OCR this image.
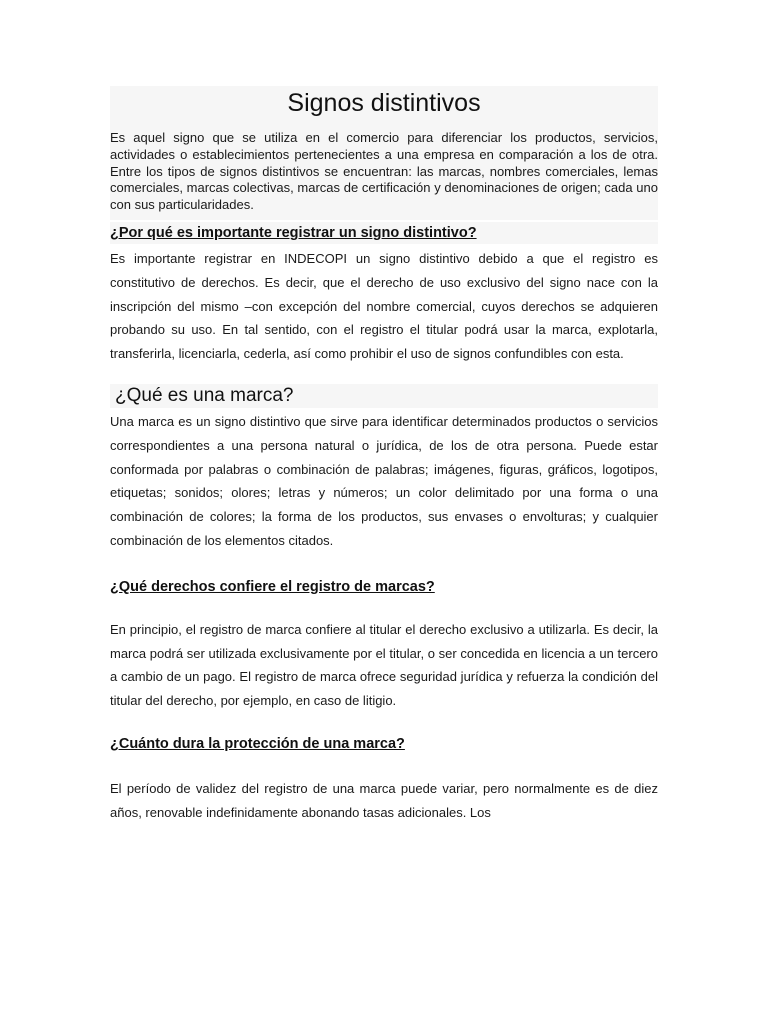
Signos distintivos

Es aquel signo que se utiliza en el comercio para diferenciar los productos, servicios, actividades o establecimientos pertenecientes a una empresa en comparación a los de otra. Entre los tipos de signos distintivos se encuentran: las marcas, nombres comerciales, lemas comerciales, marcas colectivas, marcas de certificación y denominaciones de origen; cada uno con sus particularidades.

¿Por qué es importante registrar un signo distintivo?

Es importante registrar en INDECOPI un signo distintivo debido a que el registro es constitutivo de derechos. Es decir, que el derecho de uso exclusivo del signo nace con la inscripción del mismo –con excepción del nombre comercial, cuyos derechos se adquieren probando su uso. En tal sentido, con el registro el titular podrá usar la marca, explotarla, transferirla, licenciarla, cederla, así como prohibir el uso de signos confundibles con esta.

¿Qué es una marca?

Una marca es un signo distintivo que sirve para identificar determinados productos o servicios correspondientes a una persona natural o jurídica, de los de otra persona. Puede estar conformada por palabras o combinación de palabras; imágenes, figuras, gráficos, logotipos, etiquetas; sonidos; olores; letras y números; un color delimitado por una forma o una combinación de colores; la forma de los productos, sus envases o envolturas; y cualquier combinación de los elementos citados.

¿Qué derechos confiere el registro de marcas?

En principio, el registro de marca confiere al titular el derecho exclusivo a utilizarla. Es decir, la marca podrá ser utilizada exclusivamente por el titular, o ser concedida en licencia a un tercero a cambio de un pago. El registro de marca ofrece seguridad jurídica y refuerza la condición del titular del derecho, por ejemplo, en caso de litigio.

¿Cuánto dura la protección de una marca?

El período de validez del registro de una marca puede variar, pero normalmente es de diez años, renovable indefinidamente abonando tasas adicionales. Los
